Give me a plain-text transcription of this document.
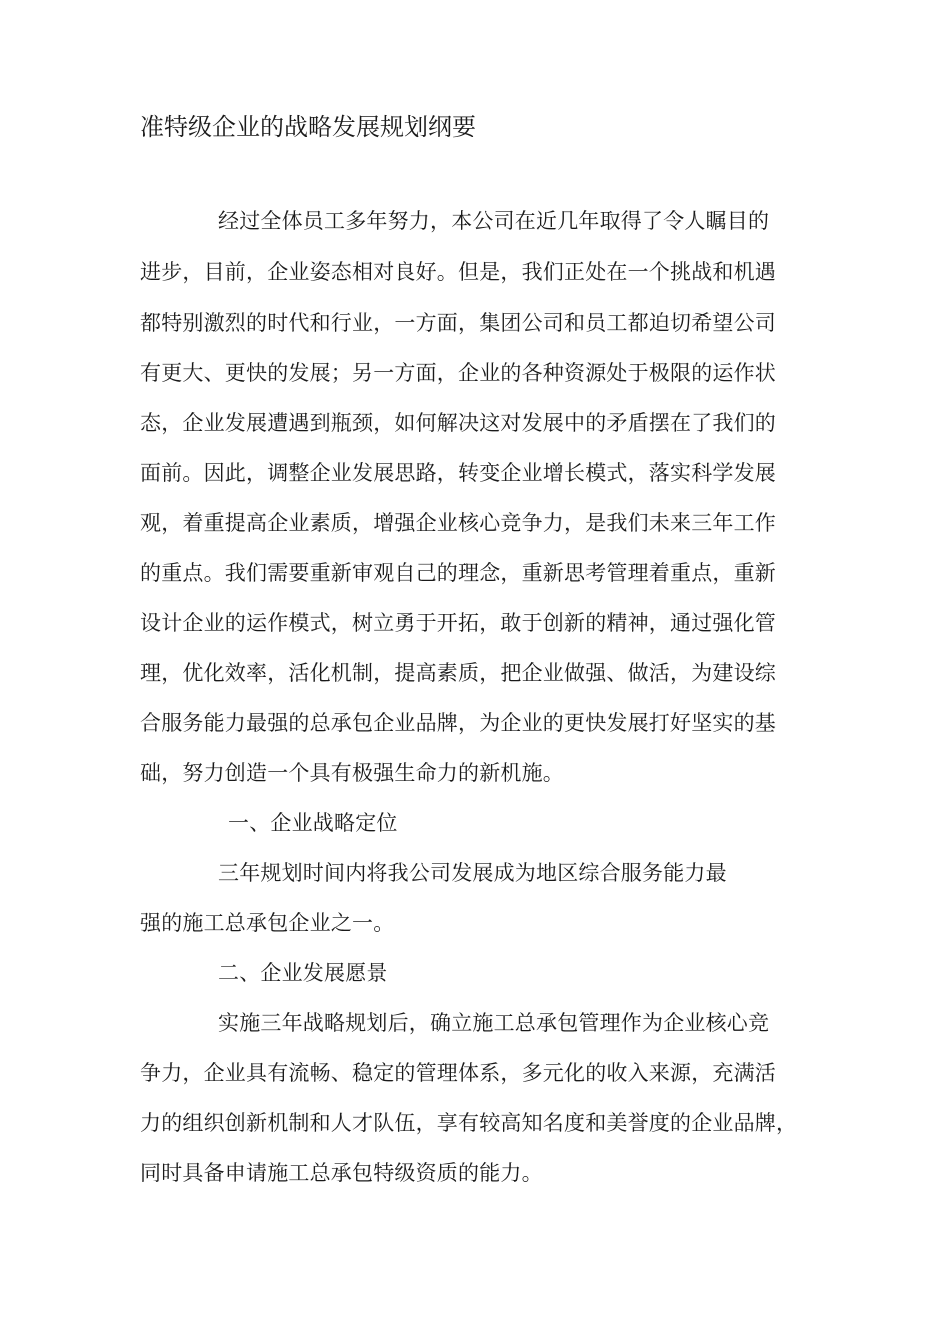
准特级企业的战略发展规划纲要
经过全体员工多年努力，本公司在近几年取得了令人瞩目的
进步，目前，企业姿态相对良好。但是，我们正处在一个挑战和机遇
都特别激烈的时代和行业，一方面，集团公司和员工都迫切希望公司
有更大、更快的发展；另一方面，企业的各种资源处于极限的运作状
态，企业发展遭遇到瓶颈，如何解决这对发展中的矛盾摆在了我们的
面前。因此，调整企业发展思路，转变企业增长模式，落实科学发展
观，着重提高企业素质，增强企业核心竞争力，是我们未来三年工作
的重点。我们需要重新审观自己的理念，重新思考管理着重点，重新
设计企业的运作模式，树立勇于开拓，敢于创新的精神，通过强化管
理，优化效率，活化机制，提高素质，把企业做强、做活，为建设综
合服务能力最强的总承包企业品牌，为企业的更快发展打好坚实的基
础，努力创造一个具有极强生命力的新机施。
一、企业战略定位
三年规划时间内将我公司发展成为地区综合服务能力最
强的施工总承包企业之一。
二、企业发展愿景
实施三年战略规划后，确立施工总承包管理作为企业核心竞
争力，企业具有流畅、稳定的管理体系，多元化的收入来源，充满活
力的组织创新机制和人才队伍，享有较高知名度和美誉度的企业品牌，
同时具备申请施工总承包特级资质的能力。
